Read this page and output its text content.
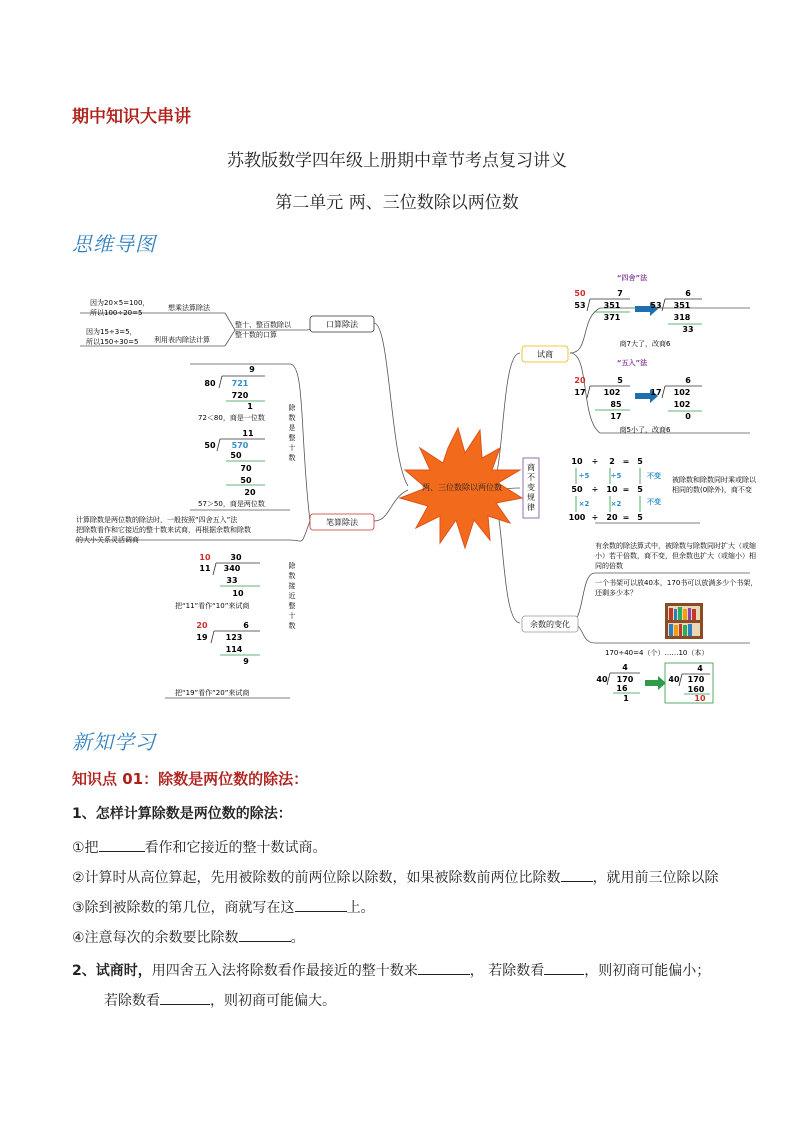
期中知识大串讲
苏教版数学四年级上册期中章节考点复习讲义
第二单元 两、三位数除以两位数
思维导图
两、三位数除以两位数
口算除法
笔算除法
试商
商
不
变
规
律
余数的变化
整十、整百数除以
整十数的口算
想乘法算除法
利用表内除法计算
因为20×5=100，
所以100÷20=5
因为15÷3=5，
所以150÷30=5
除
数
是
整
十
数
除
数
接
近
整
十
数
72＜80，商是一位数
57＞50，商是两位数
计算除数是两位数的除法时，一般按照“四舍五入”法
把除数看作和它接近的整十数来试商，再根据余数和除数
的大小关系灵活调商
把“11”看作“10”来试商
把“19”看作“20”来试商
9
80 721
720
1
11
50 570
50
70
50
20
10 30
11 340
33
10
20	6
19 123
114
9
“四舍”法
“五入”法
商7大了，改商6
商5小了，改商6
50	7
53 351
371
6
53 351
318
33
20	5
17 102
85
17
6
17 102
102
0
10 ÷ 2 = 5
50 ÷ 10 = 5
100 ÷ 20 = 5
÷5	÷5
×2	×2
不变
不变
被除数和除数同时乘或除以
相同的数(0除外)，商不变
有余数的除法算式中，被除数与除数同时扩大（或缩
小）若干倍数，商不变，但余数也扩大（或缩小）相
同的倍数
一个书架可以放40本，170书可以放满多少个书架，
还剩多少本？
170÷40=4（个）……10（本）
4
40 170
16
1
4
40 170
160
10
新知学习
知识点 01：除数是两位数的除法：
1、怎样计算除数是两位数的除法：
①把	看作和它接近的整十数试商。
②计算时从高位算起，先用被除数的前两位除以除数，如果被除数前两位比除数 ，就用前三位除以除
③除到被除数的第几位，商就写在这	上。
④注意每次的余数要比除数	。
2、试商时，用四舍五入法将除数看作最接近的整十数来	， 若除数看	，则初商可能偏小；
若除数看	，则初商可能偏大。
